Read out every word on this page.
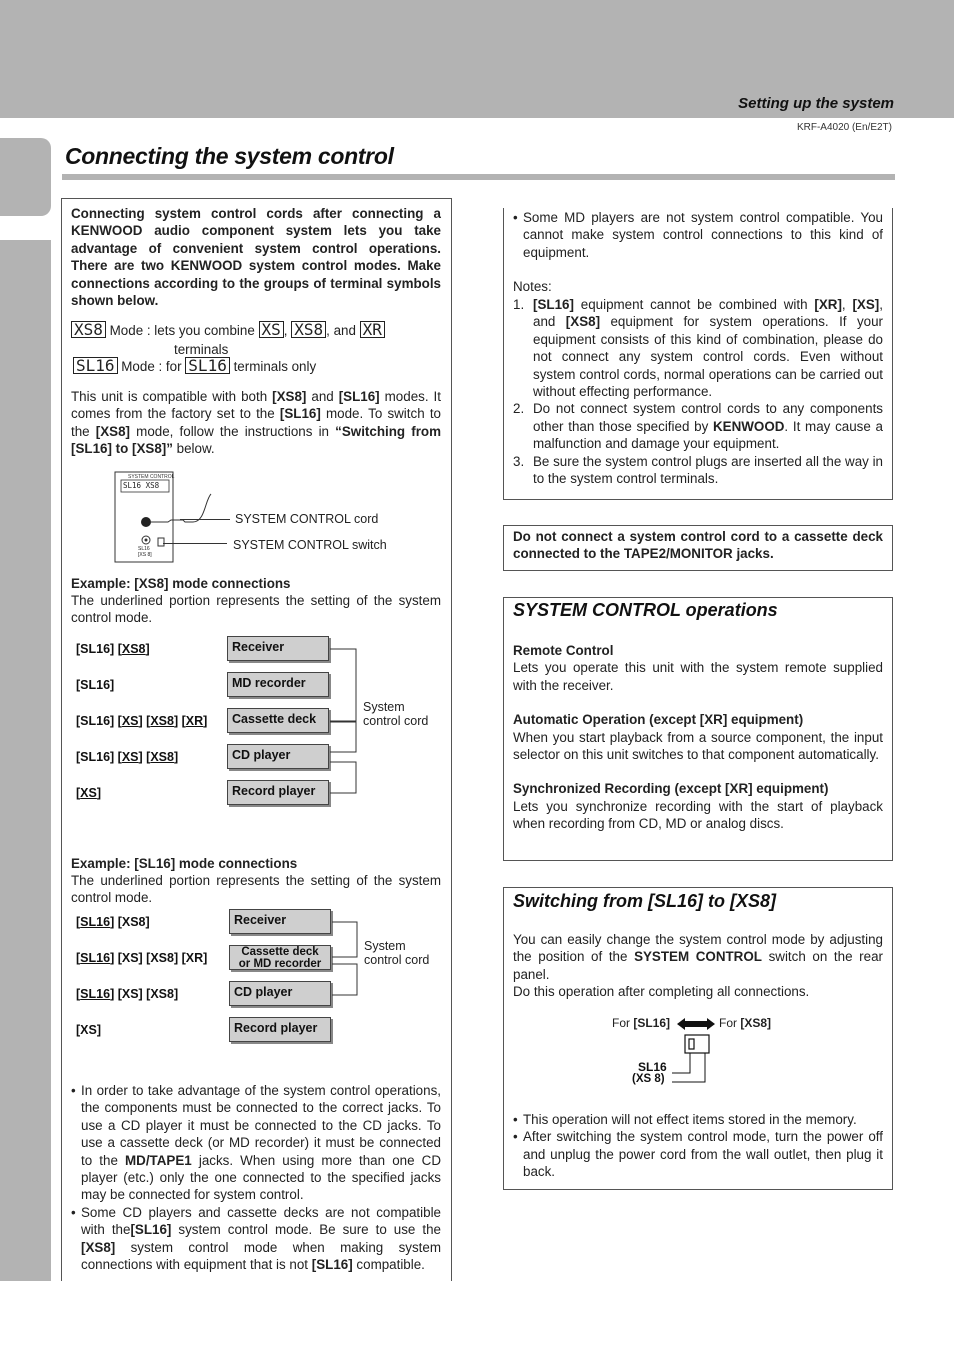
Setting up the system
KRF-A4020 (En/E2T)
Connecting the system control
Connecting system control cords after connecting a KENWOOD audio component system lets you take advantage of convenient system control operations. There are two KENWOOD system control modes. Make connections according to the groups of terminal symbols shown below.
XS8 Mode : lets you combine XS , XS8 , and XR
terminals
SL16 Mode : for SL16 terminals only
This unit is compatible with both [XS8] and [SL16] modes. It comes from the factory set to the [SL16] mode. To switch to the [XS8] mode, follow the instructions in “Switching from [SL16] to [XS8]” below.
SYSTEM CONTROL
SL16 XS8
SL16
[XS 8]
SYSTEM CONTROL cord
SYSTEM CONTROL switch
Example: [XS8] mode connections
The underlined portion represents the setting of the system control mode.
[SL16] [XS8]	Receiver
[SL16]	MD recorder
[SL16] [XS] [XS8] [XR]	Cassette deck
[SL16] [XS] [XS8]	CD player
[XS]	Record player
System
control cord
Example: [SL16] mode connections
The underlined portion represents the setting of the system control mode.
[SL16] [XS8]	Receiver
[SL16] [XS] [XS8] [XR]	Cassette deck
or MD recorder
[SL16] [XS] [XS8]	CD player
[XS]	Record player
System
control cord
• In order to take advantage of the system control operations, the components must be connected to the correct jacks. To use a CD player it must be connected to the CD jacks. To use a cassette deck (or MD recorder) it must be connected to the MD/TAPE1 jacks. When using more than one CD player (etc.) only the one connected to the specified jacks may be connected for system control.
• Some CD players and cassette decks are not compatible with the[SL16] system control mode. Be sure to use the [XS8] system control mode when making system connections with equipment that is not [SL16] compatible.
• Some MD players are not system control compatible. You cannot make system control connections to this kind of equipment.
Notes:
1. [SL16] equipment cannot be combined with [XR], [XS], and [XS8] equipment for system operations. If your equipment consists of this kind of combination, please do not connect any system control cords. Even without system control cords, normal operations can be carried out without effecting performance.
2. Do not connect system control cords to any components other than those specified by KENWOOD. It may cause a malfunction and damage your equipment.
3. Be sure the system control plugs are inserted all the way in to the system control terminals.
Do not connect a system control cord to a cassette deck connected to the TAPE2/MONITOR jacks.
SYSTEM CONTROL operations
Remote Control
Lets you operate this unit with the system remote supplied with the receiver.
Automatic Operation (except [XR] equipment)
When you start playback from a source component, the input selector on this unit switches to that component automatically.
Synchronized Recording (except [XR] equipment)
Lets you synchronize recording with the start of playback when recording from CD, MD or analog discs.
Switching from [SL16] to [XS8]
You can easily change the system control mode by adjusting the position of the SYSTEM CONTROL switch on the rear panel.
Do this operation after completing all connections.
For [SL16]	For [XS8]
SL16
(XS 8)
• This operation will not effect items stored in the memory.
• After switching the system control mode, turn the power off and unplug the power cord from the wall outlet, then plug it back.
